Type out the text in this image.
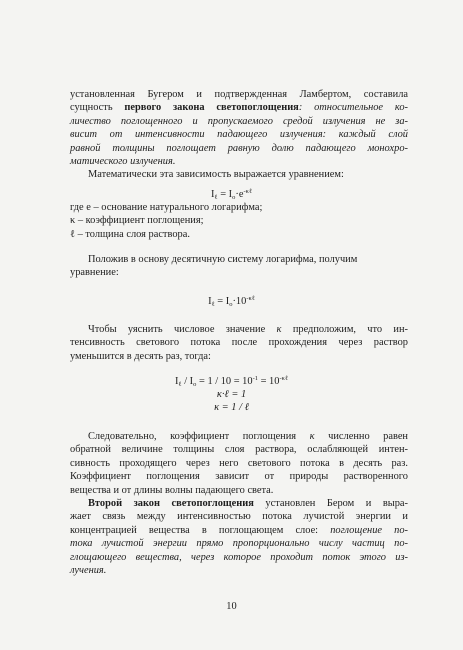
установленная Бугером и подтвержденная Ламбертом, составила
сущность первого закона светопоглощения: относительное ко-
личество поглощенного и пропускаемого средой излучения не за-
висит от интенсивности падающего излучения: каждый слой
равной толщины поглощает равную долю падающего монохро-
матического излучения.
Математически эта зависимость выражается уравнением:
$I_\ell = I_o\cdot e^{-\kappa\ell}$
где е – основание натурального логарифма;
κ – коэффициент поглощения;
ℓ – толщина слоя раствора.
Положив в основу десятичную систему логарифма, получим
уравнение:
$I_\ell = I_o\cdot 10^{-\kappa\ell}$
Чтобы уяснить числовое значение κ предположим, что ин-
тенсивность светового потока после прохождения через раствор
уменьшится в десять раз, тогда:
$I_\ell / I_o = 1 / 10 = 10^{-1} = 10^{-\kappa\ell}$
κ·ℓ = 1
κ = 1 / ℓ
Следовательно, коэффициент поглощения κ численно равен
обратной величине толщины слоя раствора, ослабляющей интен-
сивность проходящего через него светового потока в десять раз.
Коэффициент поглощения зависит от природы растворенного
вещества и от длины волны падающего света.
Второй закон светопоглощения установлен Бером и выра-
жает связь между интенсивностью потока лучистой энергии и
концентрацией вещества в поглощающем слое: поглощение по-
тока лучистой энергии прямо пропорционально числу частиц по-
глощающего вещества, через которое проходит поток этого из-
лучения.
10
